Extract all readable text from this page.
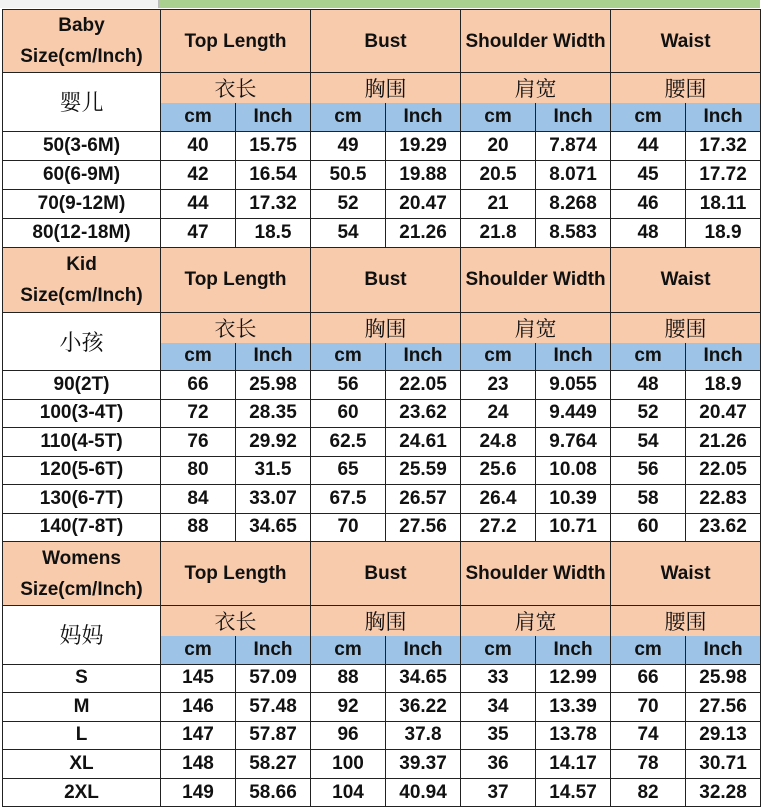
Baby Size(cm/Inch)	Top Length		Bust		Shoulder Width		Waist	
婴儿	衣长		胸围		肩宽		腰围	
	cm	Inch	cm	Inch	cm	Inch	cm	Inch
50(3-6M)	40	15.75	49	19.29	20	7.874	44	17.32
60(6-9M)	42	16.54	50.5	19.88	20.5	8.071	45	17.72
70(9-12M)	44	17.32	52	20.47	21	8.268	46	18.11
80(12-18M)	47	18.5	54	21.26	21.8	8.583	48	18.9
Kid Size(cm/Inch)	Top Length		Bust		Shoulder Width		Waist	
小孩	衣长		胸围		肩宽		腰围	
	cm	Inch	cm	Inch	cm	Inch	cm	Inch
90(2T)	66	25.98	56	22.05	23	9.055	48	18.9
100(3-4T)	72	28.35	60	23.62	24	9.449	52	20.47
110(4-5T)	76	29.92	62.5	24.61	24.8	9.764	54	21.26
120(5-6T)	80	31.5	65	25.59	25.6	10.08	56	22.05
130(6-7T)	84	33.07	67.5	26.57	26.4	10.39	58	22.83
140(7-8T)	88	34.65	70	27.56	27.2	10.71	60	23.62
Womens Size(cm/Inch)	Top Length		Bust		Shoulder Width		Waist	
妈妈	衣长		胸围		肩宽		腰围	
	cm	Inch	cm	Inch	cm	Inch	cm	Inch
S	145	57.09	88	34.65	33	12.99	66	25.98
M	146	57.48	92	36.22	34	13.39	70	27.56
L	147	57.87	96	37.8	35	13.78	74	29.13
XL	148	58.27	100	39.37	36	14.17	78	30.71
2XL	149	58.66	104	40.94	37	14.57	82	32.28
